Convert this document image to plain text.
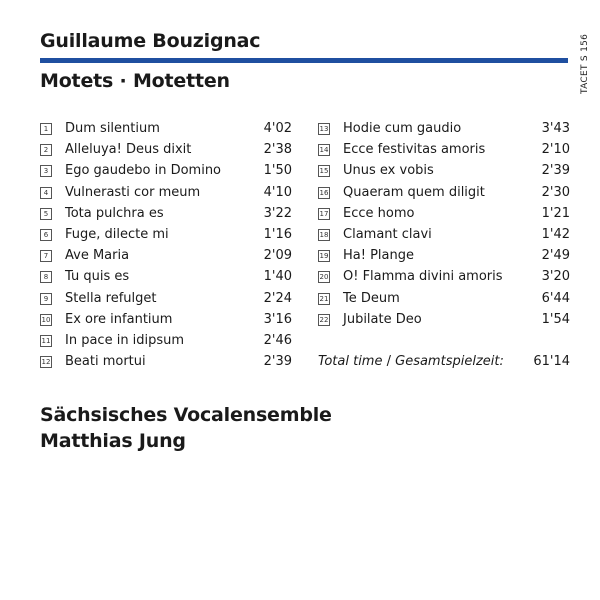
Guillaume Bouzignac
Motets · Motetten	TACET S 156
1 Dum silentium	4'02
2 Alleluya! Deus dixit	2'38
3 Ego gaudebo in Domino	1'50
4 Vulnerasti cor meum	4'10
5 Tota pulchra es	3'22
6 Fuge, dilecte mi	1'16
7 Ave Maria	2'09
8 Tu quis es	1'40
9 Stella refulget	2'24
10 Ex ore infantium	3'16
11 In pace in idipsum	2'46
12 Beati mortui	2'39
13 Hodie cum gaudio	3'43
14 Ecce festivitas amoris	2'10
15 Unus ex vobis	2'39
16 Quaeram quem diligit	2'30
17 Ecce homo	1'21
18 Clamant clavi	1'42
19 Ha! Plange	2'49
20 O! Flamma divini amoris	3'20
21 Te Deum	6'44
22 Jubilate Deo	1'54
Total time / Gesamtspielzeit: 61'14
Sächsisches Vocalensemble
Matthias Jung
